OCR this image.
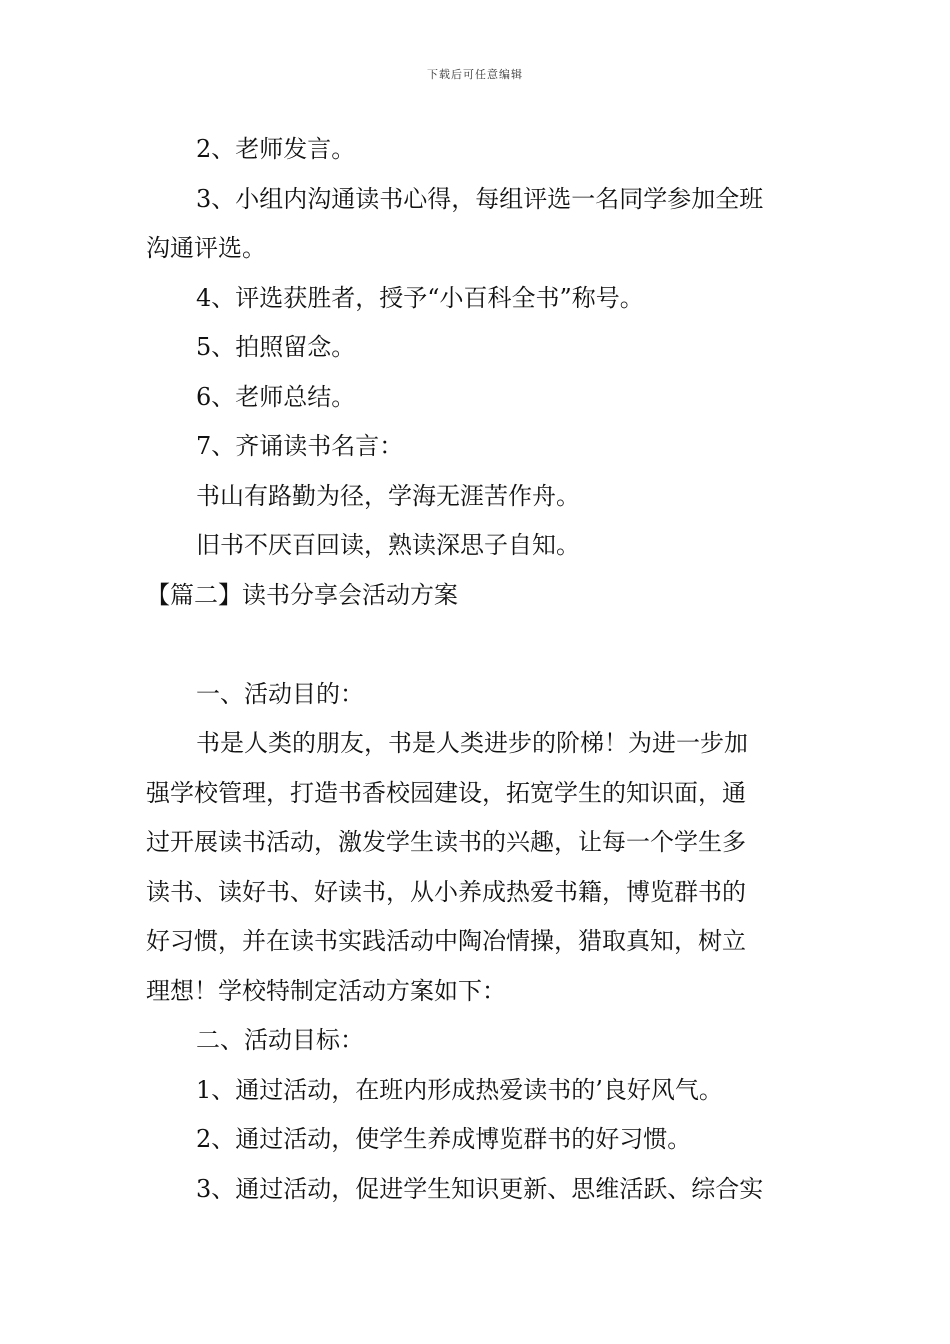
下载后可任意编辑

2、老师发言。

3、小组内沟通读书心得，每组评选一名同学参加全班

沟通评选。

4、评选获胜者，授予“小百科全书”称号。

5、拍照留念。

6、老师总结。

7、齐诵读书名言：

书山有路勤为径，学海无涯苦作舟。

旧书不厌百回读，熟读深思子自知。

【篇二】读书分享会活动方案

一、活动目的：

书是人类的朋友，书是人类进步的阶梯！为进一步加

强学校管理，打造书香校园建设，拓宽学生的知识面，通

过开展读书活动，激发学生读书的兴趣，让每一个学生多

读书、读好书、好读书，从小养成热爱书籍，博览群书的

好习惯，并在读书实践活动中陶冶情操，猎取真知，树立

理想！学校特制定活动方案如下：

二、活动目标：

1、通过活动，在班内形成热爱读书的’良好风气。

2、通过活动，使学生养成博览群书的好习惯。

3、通过活动，促进学生知识更新、思维活跃、综合实
